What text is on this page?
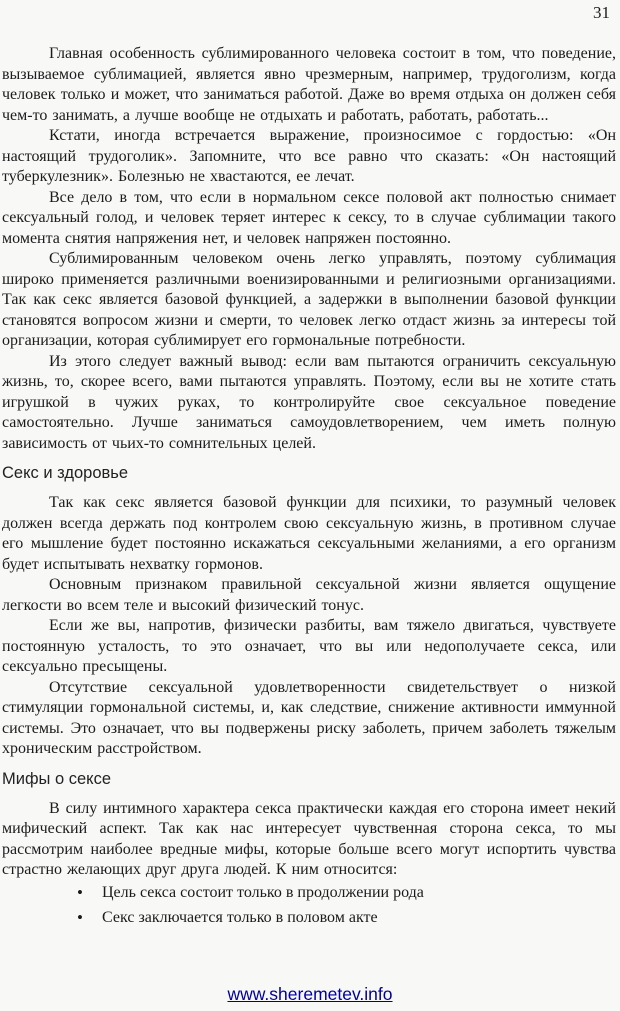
31

Главная особенность сублимированного человека состоит в том, что поведение, вызываемое сублимацией, является явно чрезмерным, например, трудоголизм, когда человек только и может, что заниматься работой. Даже во время отдыха он должен себя чем-то занимать, а лучше вообще не отдыхать и работать, работать, работать...

Кстати, иногда встречается выражение, произносимое с гордостью: «Он настоящий трудоголик». Запомните, что все равно что сказать: «Он настоящий туберкулезник». Болезнью не хвастаются, ее лечат.

Все дело в том, что если в нормальном сексе половой акт полностью снимает сексуальный голод, и человек теряет интерес к сексу, то в случае сублимации такого момента снятия напряжения нет, и человек напряжен постоянно.

Сублимированным человеком очень легко управлять, поэтому сублимация широко применяется различными военизированными и религиозными организациями. Так как секс является базовой функцией, а задержки в выполнении базовой функции становятся вопросом жизни и смерти, то человек легко отдаст жизнь за интересы той организации, которая сублимирует его гормональные потребности.

Из этого следует важный вывод: если вам пытаются ограничить сексуальную жизнь, то, скорее всего, вами пытаются управлять. Поэтому, если вы не хотите стать игрушкой в чужих руках, то контролируйте свое сексуальное поведение самостоятельно. Лучше заниматься самоудовлетворением, чем иметь полную зависимость от чьих-то сомнительных целей.

Секс и здоровье

Так как секс является базовой функции для психики, то разумный человек должен всегда держать под контролем свою сексуальную жизнь, в противном случае его мышление будет постоянно искажаться сексуальными желаниями, а его организм будет испытывать нехватку гормонов.

Основным признаком правильной сексуальной жизни является ощущение легкости во всем теле и высокий физический тонус.

Если же вы, напротив, физически разбиты, вам тяжело двигаться, чувствуете постоянную усталость, то это означает, что вы или недополучаете секса, или сексуально пресыщены.

Отсутствие сексуальной удовлетворенности свидетельствует о низкой стимуляции гормональной системы, и, как следствие, снижение активности иммунной системы. Это означает, что вы подвержены риску заболеть, причем заболеть тяжелым хроническим расстройством.

Мифы о сексе

В силу интимного характера секса практически каждая его сторона имеет некий мифический аспект. Так как нас интересует чувственная сторона секса, то мы рассмотрим наиболее вредные мифы, которые больше всего могут испортить чувства страстно желающих друг друга людей. К ним относится:

• Цель секса состоит только в продолжении рода
• Секс заключается только в половом акте
www.sheremetev.info
